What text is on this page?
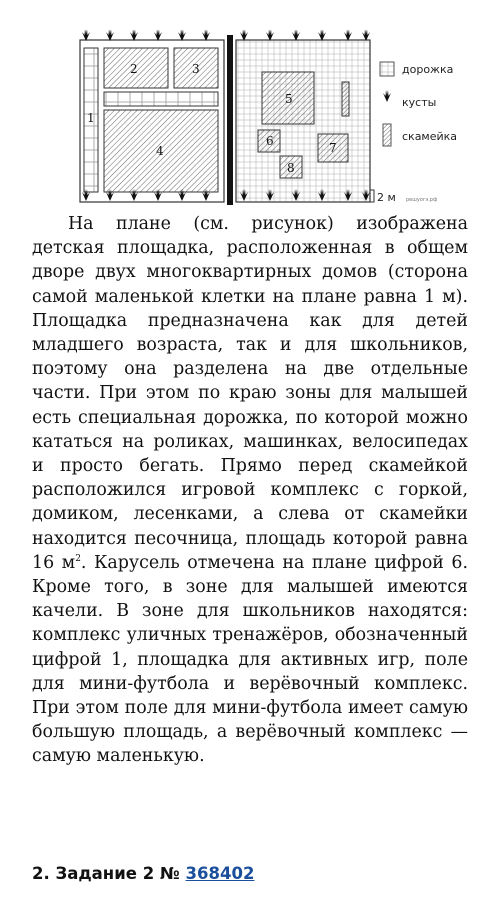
1
2	3
4
5
6	7
8
дорожка
кусты
скамейка
2 м решуогэ.рф

На плане (см. рисунок) изображена детская площадка, расположенная в общем дворе двух многоквартирных домов (сторона самой маленькой клетки на плане равна 1 м). Площадка предназначена как для детей младшего возраста, так и для школьников, поэтому она разделена на две отдельные части. При этом по краю зоны для малышей есть специальная дорожка, по которой можно кататься на роликах, машинках, велосипедах и просто бегать. Прямо перед скамейкой расположился игровой комплекс с горкой, домиком, лесенками, а слева от скамейки находится песочница, площадь которой равна 16 $м^2$. Карусель отмечена на плане цифрой 6. Кроме того, в зоне для малышей имеются качели. В зоне для школьников находятся: комплекс уличных тренажёров, обозначенный цифрой 1, площадка для активных игр, поле для мини‑футбола и верёвочный комплекс. При этом поле для мини‑футбола имеет самую большую площадь, а верёвочный комплекс — самую маленькую.

2. Задание 2 № 368402
